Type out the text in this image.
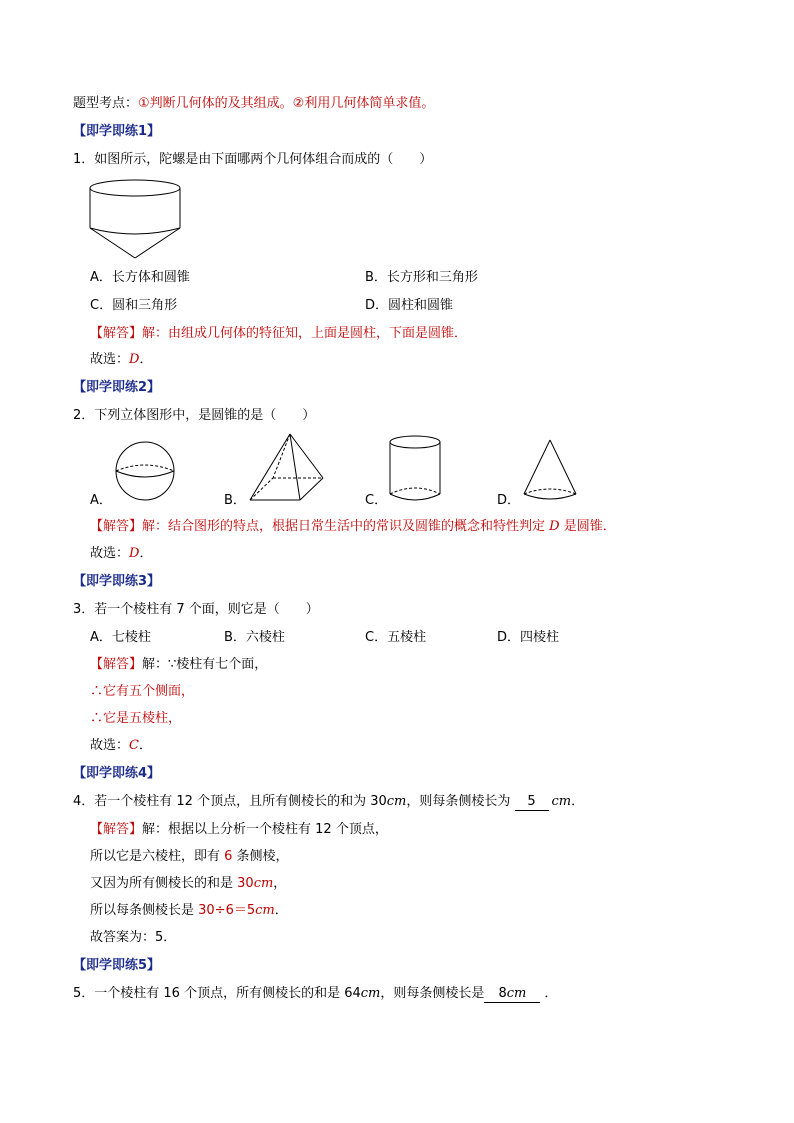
题型考点：①判断几何体的及其组成。②利用几何体简单求值。
【即学即练1】
1．如图所示，陀螺是由下面哪两个几何体组合而成的（　　）
A．长方体和圆锥	B．长方形和三角形
C．圆和三角形	D．圆柱和圆锥
【解答】解：由组成几何体的特征知，上面是圆柱，下面是圆锥．
故选：D．
【即学即练2】
2．下列立体图形中，是圆锥的是（　　）
A．	B．	C．	D．
【解答】解：结合图形的特点，根据日常生活中的常识及圆锥的概念和特性判定 D 是圆锥．
故选：D．
【即学即练3】
3．若一个棱柱有 7 个面，则它是（　　）
A．七棱柱	B．六棱柱	C．五棱柱	D．四棱柱
【解答】解：∵棱柱有七个面，
∴它有五个侧面，
∴它是五棱柱，
故选：C．
【即学即练4】
4．若一个棱柱有 12 个顶点，且所有侧棱长的和为 30cm，则每条侧棱长为 5 cm．
【解答】解：根据以上分析一个棱柱有 12 个顶点，
所以它是六棱柱，即有 6 条侧棱，
又因为所有侧棱长的和是 30cm，
所以每条侧棱长是 30÷6＝5cm．
故答案为：5．
【即学即练5】
5．一个棱柱有 16 个顶点，所有侧棱长的和是 64cm，则每条侧棱长是 8cm ．
